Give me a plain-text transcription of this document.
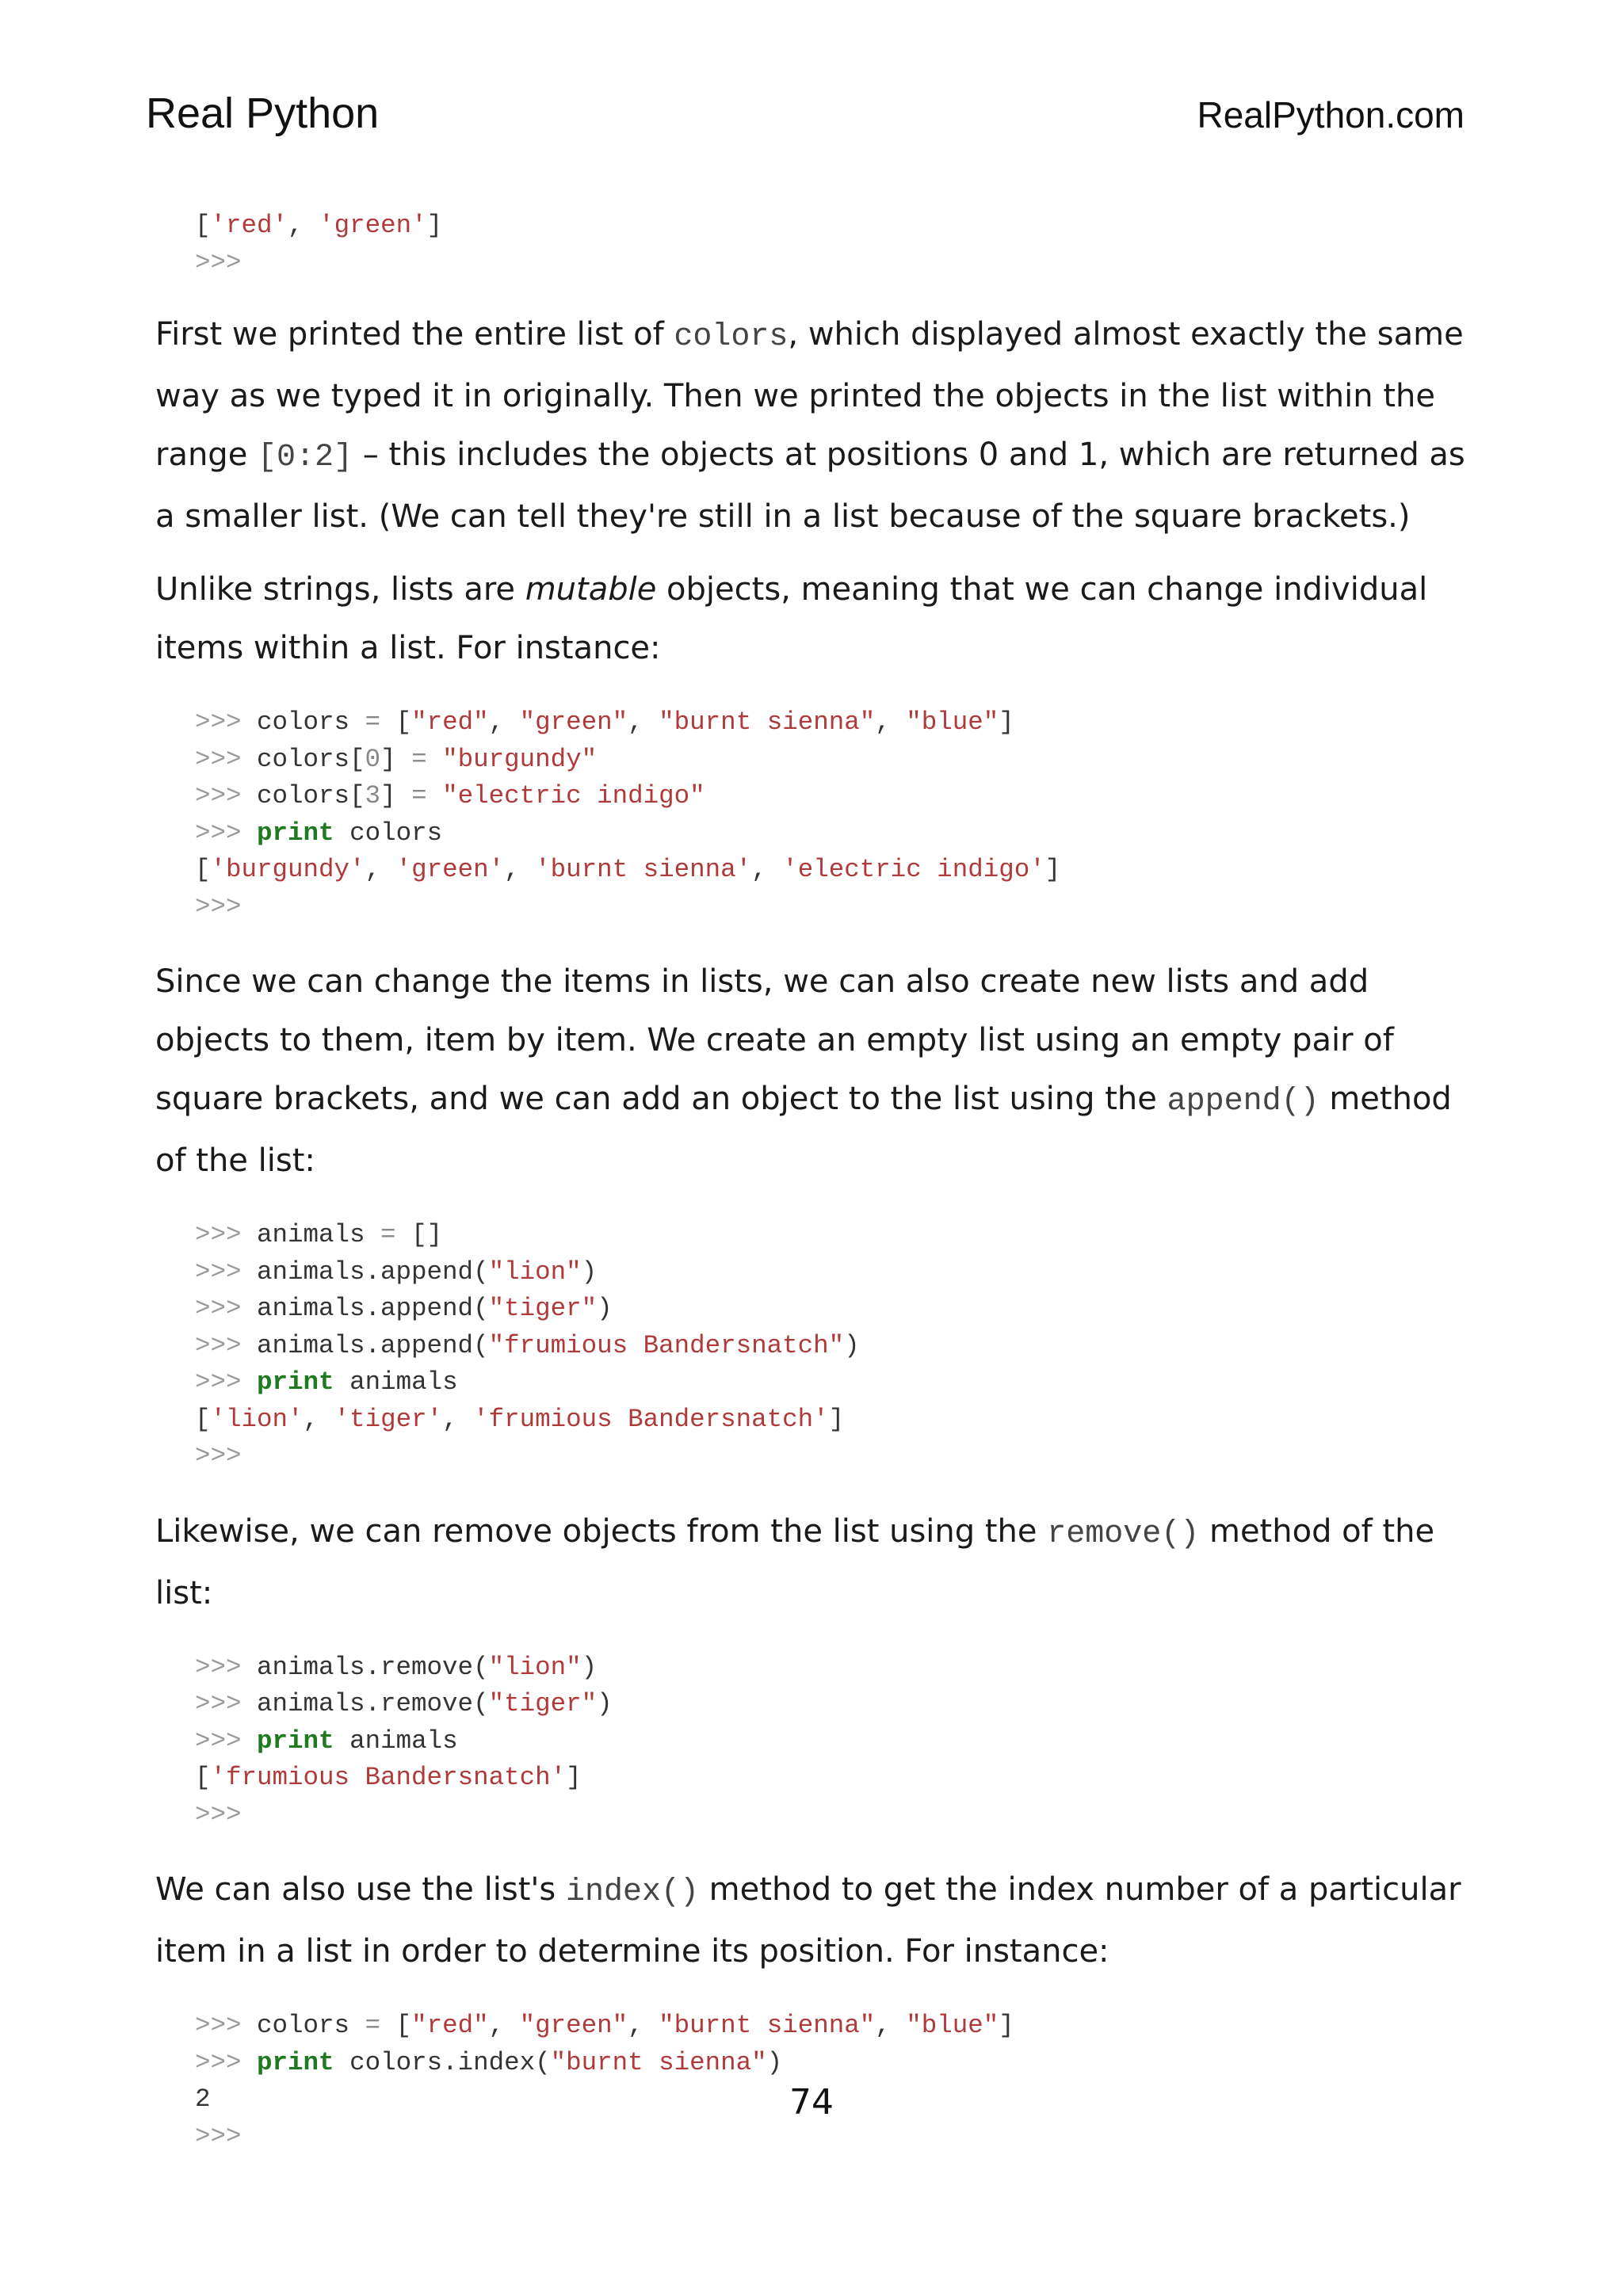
Real Python	RealPython.com
['red', 'green']
>>>

First we printed the entire list of colors, which displayed almost exactly the same way as we typed it in originally. Then we printed the objects in the list within the range [0:2] – this includes the objects at positions 0 and 1, which are returned as a smaller list. (We can tell they're still in a list because of the square brackets.)

Unlike strings, lists are mutable objects, meaning that we can change individual items within a list. For instance:

>>> colors = ["red", "green", "burnt sienna", "blue"]
>>> colors[0] = "burgundy"
>>> colors[3] = "electric indigo"
>>> print colors
['burgundy', 'green', 'burnt sienna', 'electric indigo']
>>>

Since we can change the items in lists, we can also create new lists and add objects to them, item by item. We create an empty list using an empty pair of square brackets, and we can add an object to the list using the append() method of the list:

>>> animals = []
>>> animals.append("lion")
>>> animals.append("tiger")
>>> animals.append("frumious Bandersnatch")
>>> print animals
['lion', 'tiger', 'frumious Bandersnatch']
>>>

Likewise, we can remove objects from the list using the remove() method of the list:

>>> animals.remove("lion")
>>> animals.remove("tiger")
>>> print animals
['frumious Bandersnatch']
>>>

We can also use the list's index() method to get the index number of a particular item in a list in order to determine its position. For instance:

>>> colors = ["red", "green", "burnt sienna", "blue"]
>>> print colors.index("burnt sienna")
2
>>>
74
